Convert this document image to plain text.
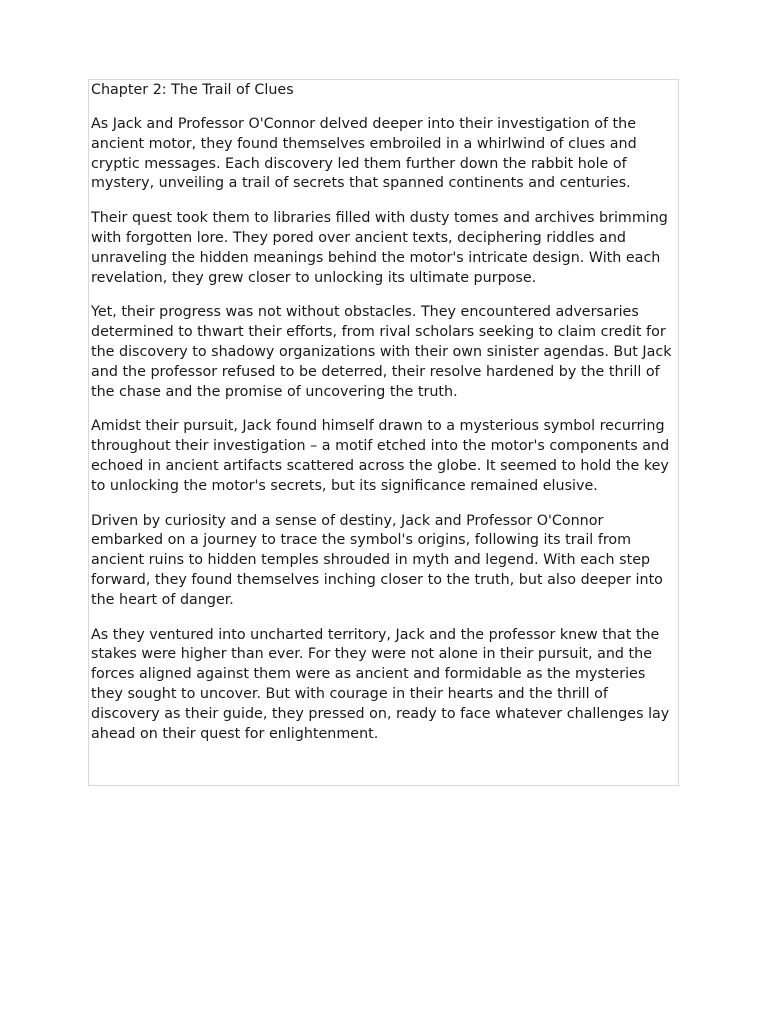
Chapter 2: The Trail of Clues

As Jack and Professor O'Connor delved deeper into their investigation of the ancient motor, they found themselves embroiled in a whirlwind of clues and cryptic messages. Each discovery led them further down the rabbit hole of mystery, unveiling a trail of secrets that spanned continents and centuries.

Their quest took them to libraries filled with dusty tomes and archives brimming with forgotten lore. They pored over ancient texts, deciphering riddles and unraveling the hidden meanings behind the motor's intricate design. With each revelation, they grew closer to unlocking its ultimate purpose.

Yet, their progress was not without obstacles. They encountered adversaries determined to thwart their efforts, from rival scholars seeking to claim credit for the discovery to shadowy organizations with their own sinister agendas. But Jack and the professor refused to be deterred, their resolve hardened by the thrill of the chase and the promise of uncovering the truth.

Amidst their pursuit, Jack found himself drawn to a mysterious symbol recurring throughout their investigation – a motif etched into the motor's components and echoed in ancient artifacts scattered across the globe. It seemed to hold the key to unlocking the motor's secrets, but its significance remained elusive.

Driven by curiosity and a sense of destiny, Jack and Professor O'Connor embarked on a journey to trace the symbol's origins, following its trail from ancient ruins to hidden temples shrouded in myth and legend. With each step forward, they found themselves inching closer to the truth, but also deeper into the heart of danger.

As they ventured into uncharted territory, Jack and the professor knew that the stakes were higher than ever. For they were not alone in their pursuit, and the forces aligned against them were as ancient and formidable as the mysteries they sought to uncover. But with courage in their hearts and the thrill of discovery as their guide, they pressed on, ready to face whatever challenges lay ahead on their quest for enlightenment.
